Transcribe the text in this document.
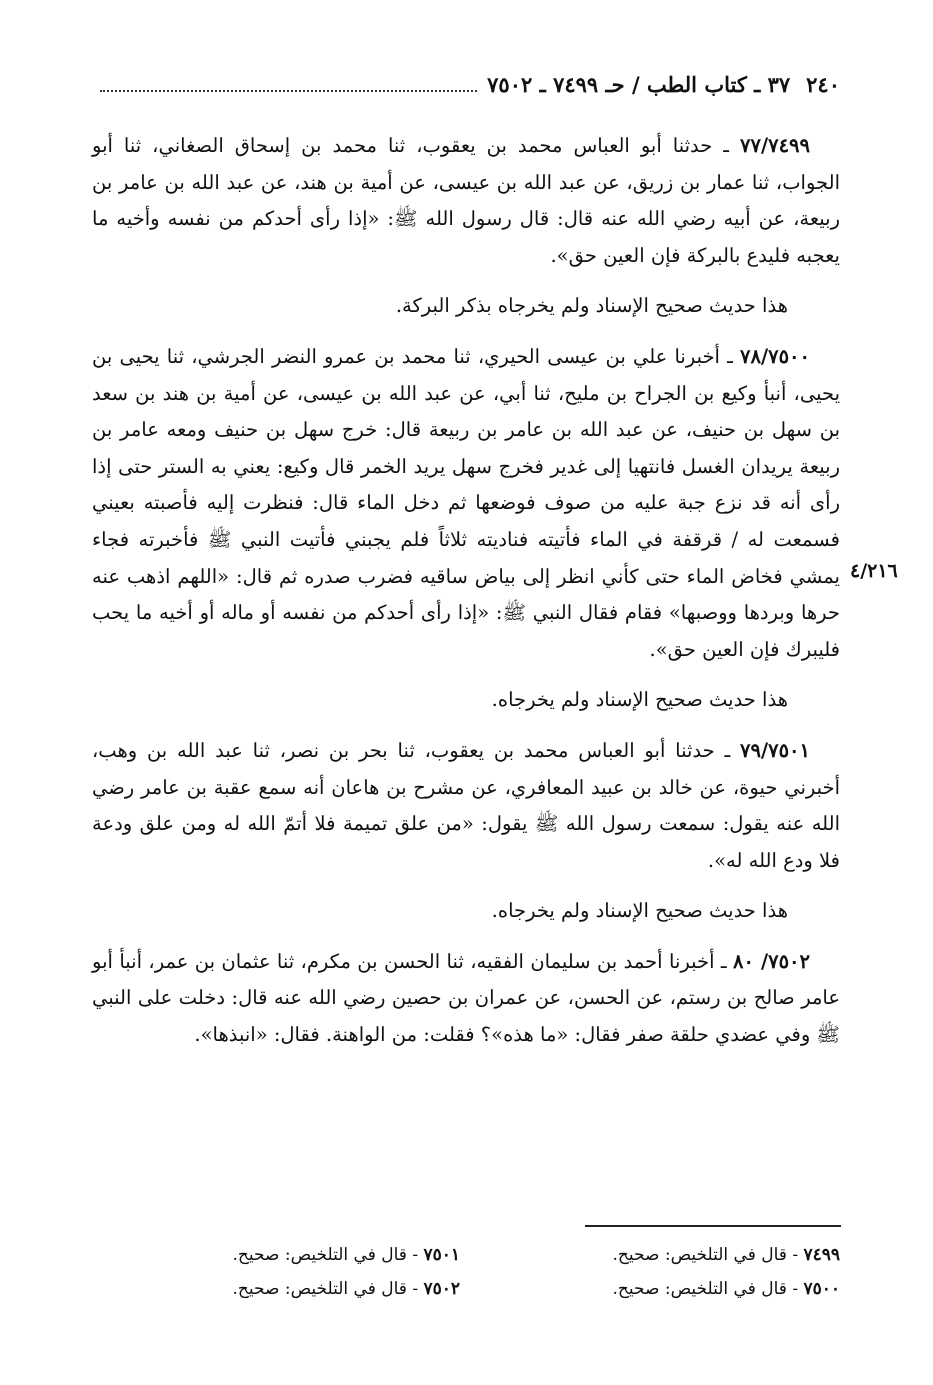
٢٤٠
٣٧ ـ كتاب الطب / حـ ٧٤٩٩ ـ ٧٥٠٢

٧٧/٧٤٩٩ ـ حدثنا أبو العباس محمد بن يعقوب، ثنا محمد بن إسحاق الصغاني، ثنا أبو الجواب، ثنا عمار بن زريق، عن عبد الله بن عيسى، عن أمية بن هند، عن عبد الله بن عامر بن ربيعة، عن أبيه رضي الله عنه قال: قال رسول الله ﷺ: «إذا رأى أحدكم من نفسه وأخيه ما يعجبه فليدع بالبركة فإن العين حق».

هذا حديث صحيح الإسناد ولم يخرجاه بذكر البركة.

٧٨/٧٥٠٠ ـ أخبرنا علي بن عيسى الحيري، ثنا محمد بن عمرو النضر الجرشي، ثنا يحيى بن يحيى، أنبأ وكيع بن الجراح بن مليح، ثنا أبي، عن عبد الله بن عيسى، عن أمية بن هند بن سعد بن سهل بن حنيف، عن عبد الله بن عامر بن ربيعة قال: خرج سهل بن حنيف ومعه عامر بن ربيعة يريدان الغسل فانتهيا إلى غدير فخرج سهل يريد الخمر قال وكيع: يعني به الستر حتى إذا رأى أنه قد نزع جبة عليه من صوف فوضعها ثم دخل الماء قال: فنظرت إليه فأصبته بعيني فسمعت له / قرقفة في الماء فأتيته فناديته ثلاثاً فلم يجبني فأتيت النبي ﷺ فأخبرته فجاء يمشي فخاض الماء حتى كأني انظر إلى بياض ساقيه فضرب صدره ثم قال: «اللهم اذهب عنه حرها وبردها ووصبها» فقام فقال النبي ﷺ: «إذا رأى أحدكم من نفسه أو ماله أو أخيه ما يحب فليبرك فإن العين حق».

هذا حديث صحيح الإسناد ولم يخرجاه.

٧٩/٧٥٠١ ـ حدثنا أبو العباس محمد بن يعقوب، ثنا بحر بن نصر، ثنا عبد الله بن وهب، أخبرني حيوة، عن خالد بن عبيد المعافري، عن مشرح بن هاعان أنه سمع عقبة بن عامر رضي الله عنه يقول: سمعت رسول الله ﷺ يقول: «من علق تميمة فلا أتمّ الله له ومن علق ودعة فلا ودع الله له».

هذا حديث صحيح الإسناد ولم يخرجاه.

٧٥٠٢/ ٨٠ ـ أخبرنا أحمد بن سليمان الفقيه، ثنا الحسن بن مكرم، ثنا عثمان بن عمر، أنبأ أبو عامر صالح بن رستم، عن الحسن، عن عمران بن حصين رضي الله عنه قال: دخلت على النبي ﷺ وفي عضدي حلقة صفر فقال: «ما هذه»؟ فقلت: من الواهنة. فقال: «انبذها».

٤/٢١٦
٧٤٩٩ - قال في التلخيص: صحيح.
٧٥٠٠ - قال في التلخيص: صحيح.
٧٥٠١ - قال في التلخيص: صحيح.
٧٥٠٢ - قال في التلخيص: صحيح.
